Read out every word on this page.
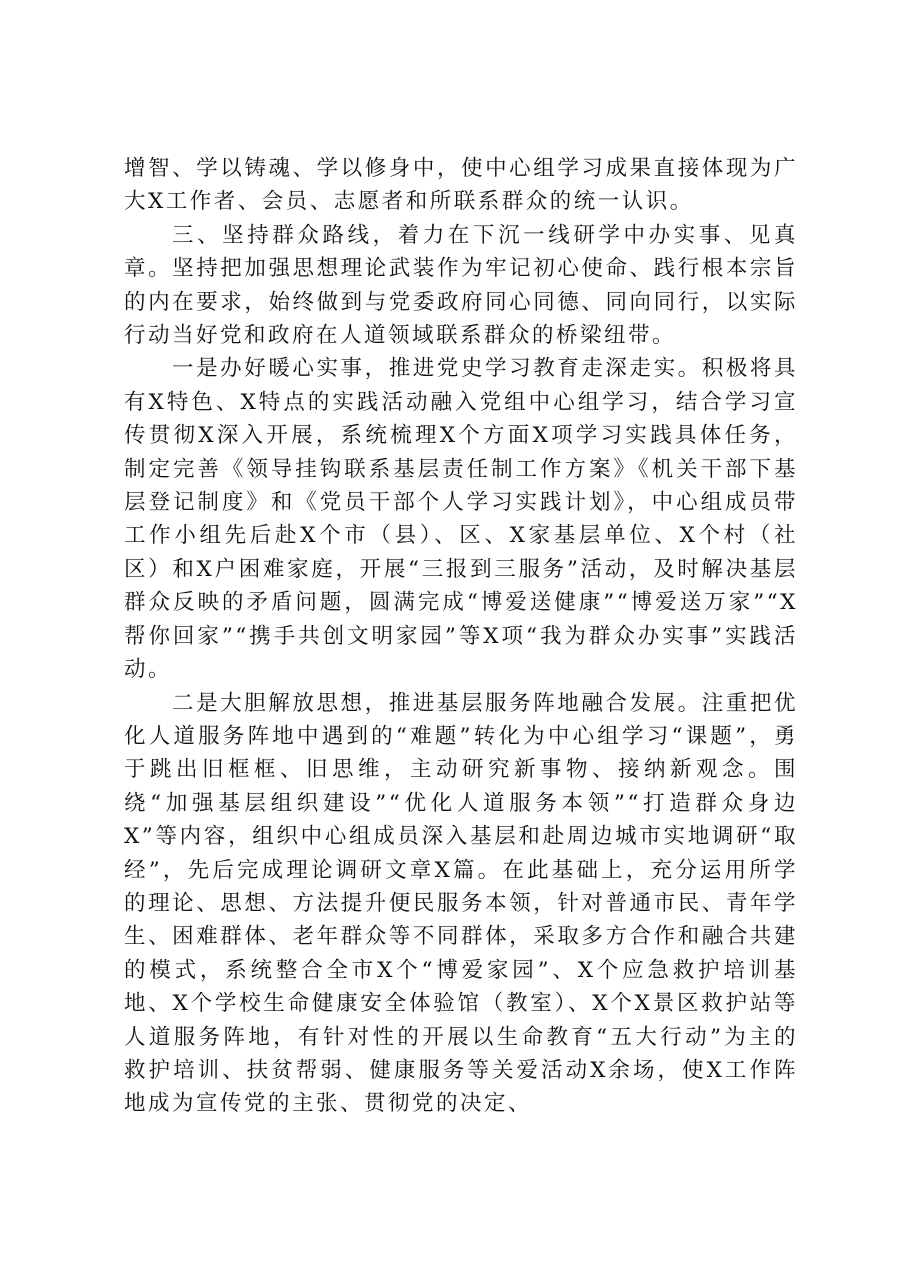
增智、学以铸魂、学以修身中，使中心组学习成果直接体现为广大X工作者、会员、志愿者和所联系群众的统一认识。

三、坚持群众路线，着力在下沉一线研学中办实事、见真章。坚持把加强思想理论武装作为牢记初心使命、践行根本宗旨的内在要求，始终做到与党委政府同心同德、同向同行，以实际行动当好党和政府在人道领域联系群众的桥梁纽带。

一是办好暖心实事，推进党史学习教育走深走实。积极将具有X特色、X特点的实践活动融入党组中心组学习，结合学习宣传贯彻X深入开展，系统梳理X个方面X项学习实践具体任务，制定完善《领导挂钩联系基层责任制工作方案》《机关干部下基层登记制度》和《党员干部个人学习实践计划》，中心组成员带工作小组先后赴X个市（县）、区、X家基层单位、X个村（社区）和X户困难家庭，开展“三报到三服务”活动，及时解决基层群众反映的矛盾问题，圆满完成“博爱送健康”“博爱送万家”“X帮你回家”“携手共创文明家园”等X项“我为群众办实事”实践活动。

二是大胆解放思想，推进基层服务阵地融合发展。注重把优化人道服务阵地中遇到的“难题”转化为中心组学习“课题”，勇于跳出旧框框、旧思维，主动研究新事物、接纳新观念。围绕“加强基层组织建设”“优化人道服务本领”“打造群众身边X”等内容，组织中心组成员深入基层和赴周边城市实地调研“取经”，先后完成理论调研文章X篇。在此基础上，充分运用所学的理论、思想、方法提升便民服务本领，针对普通市民、青年学生、困难群体、老年群众等不同群体，采取多方合作和融合共建的模式，系统整合全市X个“博爱家园”、X个应急救护培训基地、X个学校生命健康安全体验馆（教室）、X个X景区救护站等人道服务阵地，有针对性的开展以生命教育“五大行动”为主的救护培训、扶贫帮弱、健康服务等关爱活动X余场，使X工作阵地成为宣传党的主张、贯彻党的决定、
